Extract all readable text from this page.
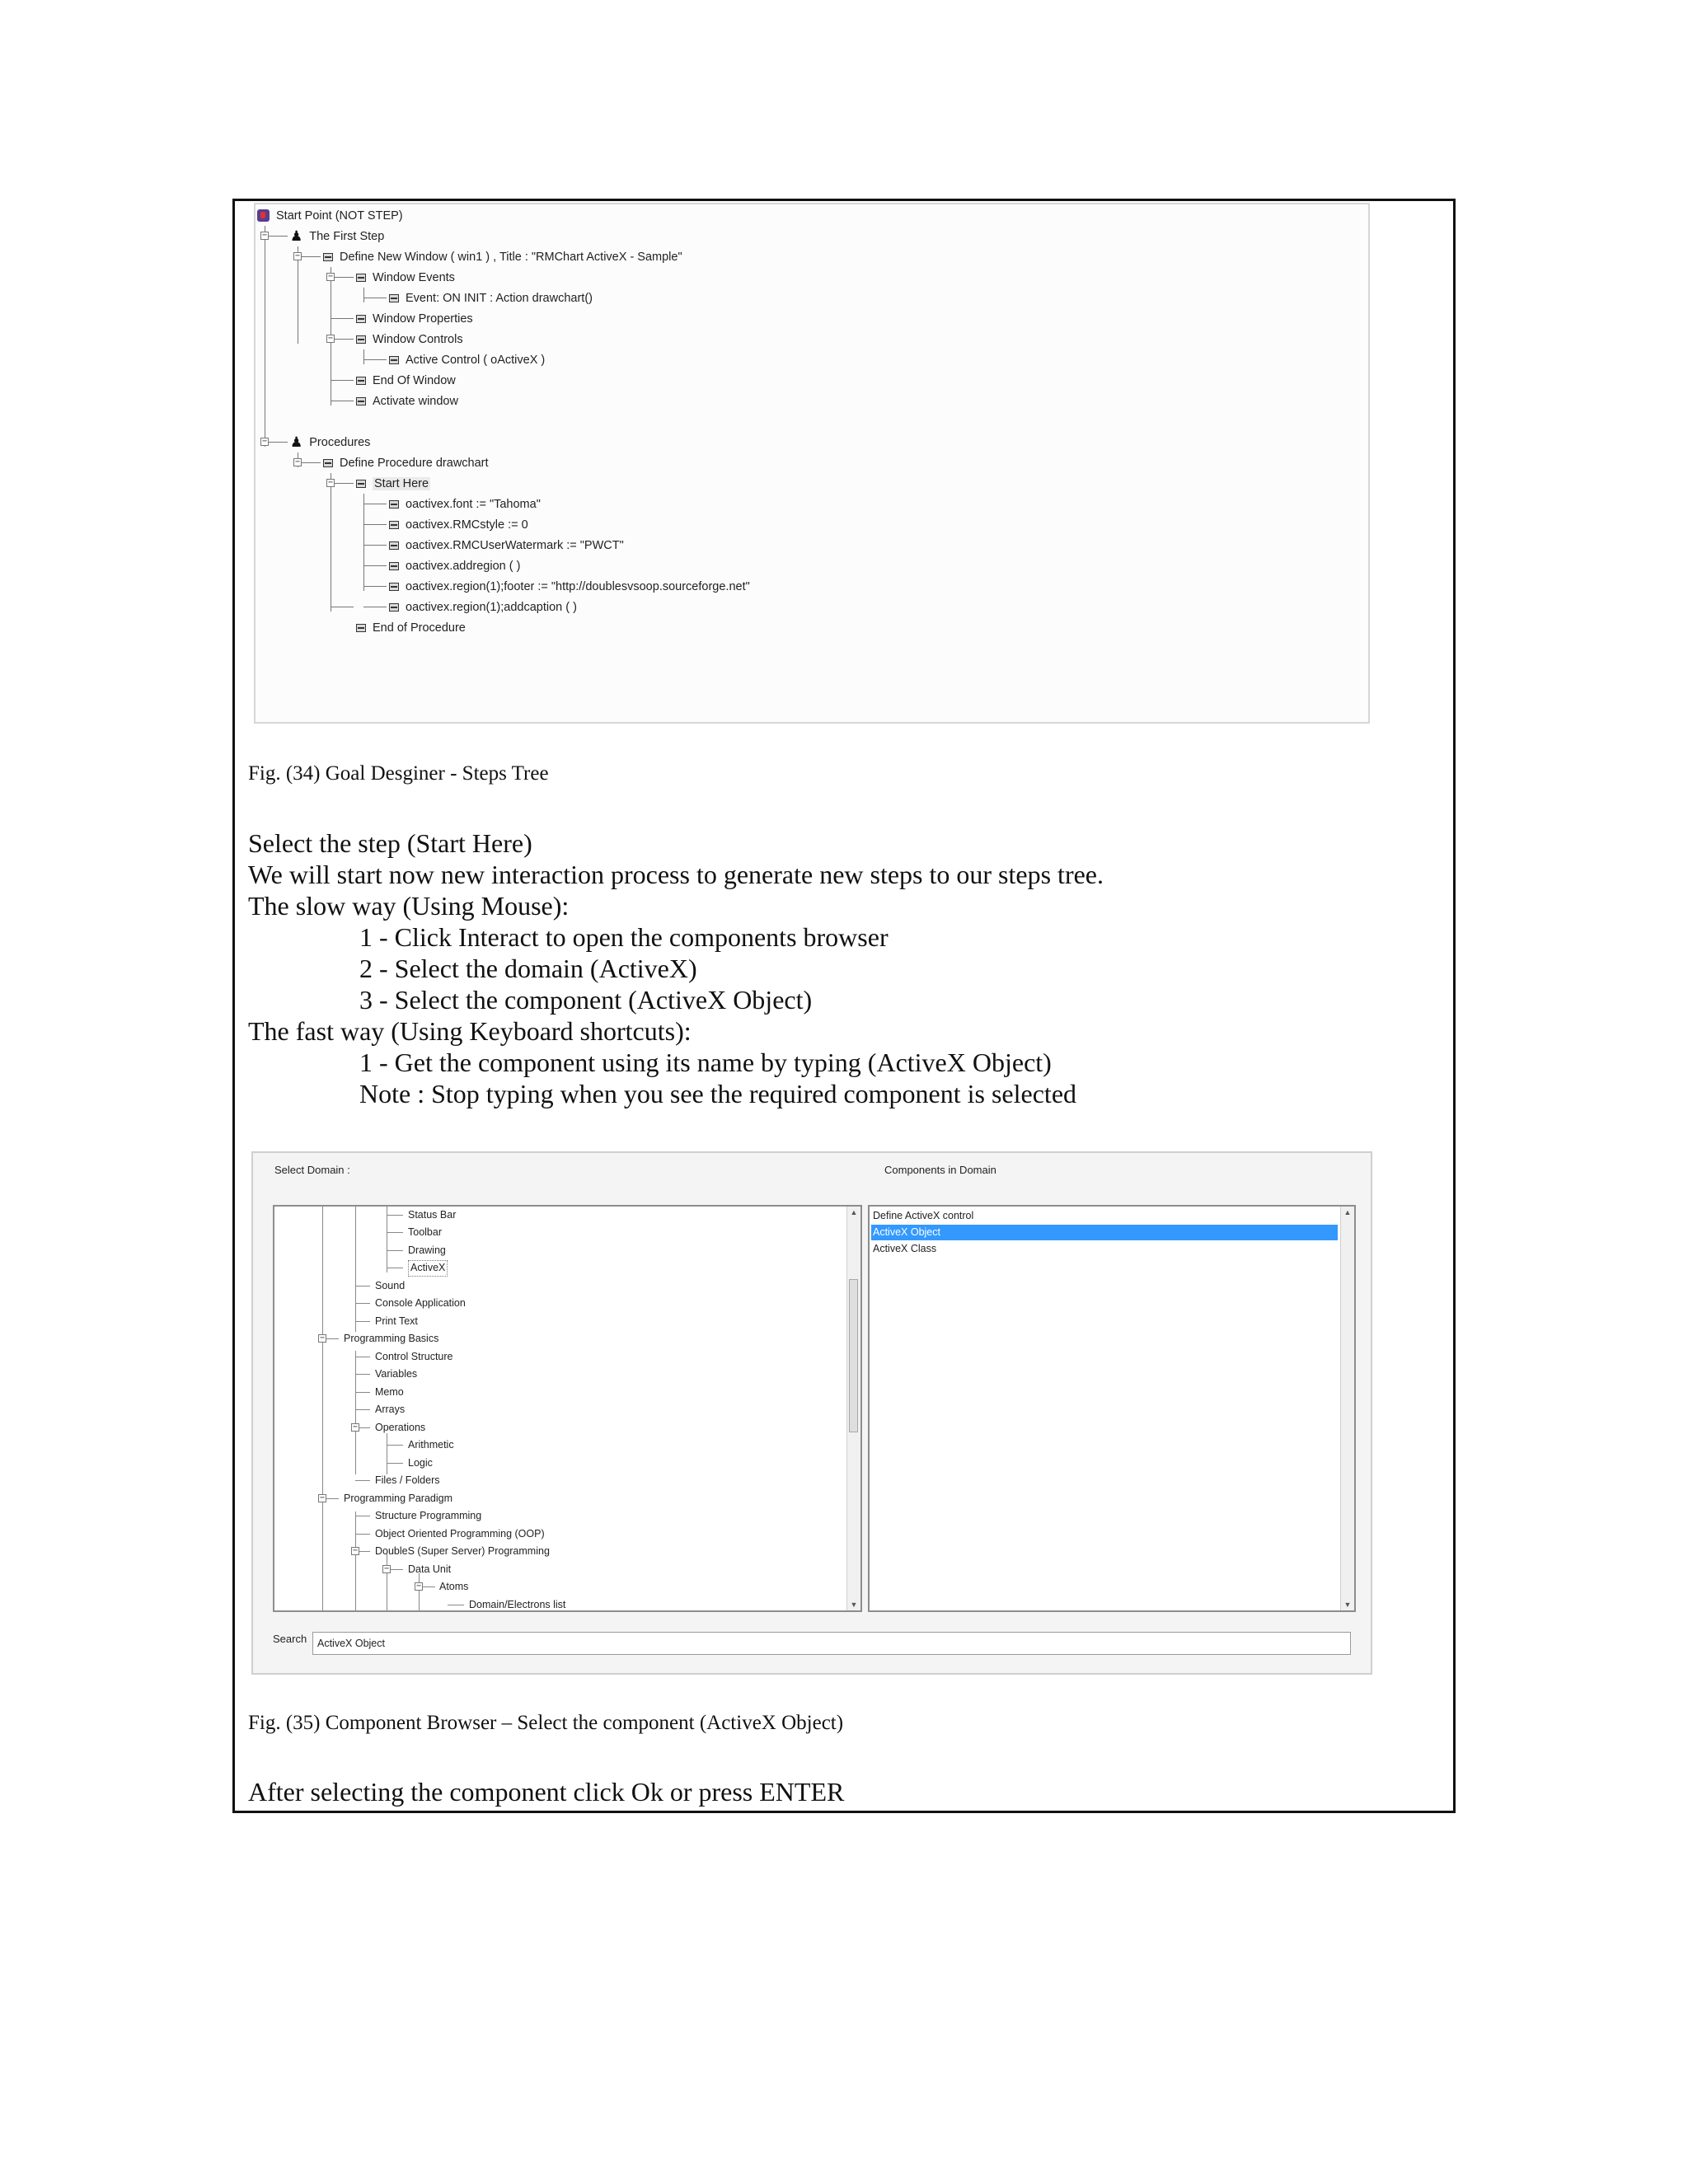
−
−
−
−
−
−
−
Start Point (NOT STEP)
♟ The First Step
Define New Window ( win1 ) , Title : "RMChart ActiveX - Sample"
Window Events
Event: ON INIT : Action drawchart()
Window Properties
Window Controls
Active Control ( oActiveX )
End Of Window
Activate window
♟ Procedures
Define Procedure drawchart
Start Here
oactivex.font := "Tahoma"
oactivex.RMCstyle := 0
oactivex.RMCUserWatermark := "PWCT"
oactivex.addregion ( )
oactivex.region(1);footer := "http://doublesvsoop.sourceforge.net"
oactivex.region(1);addcaption ( )
End of Procedure
Fig. (34) Goal Desginer - Steps Tree
Select the step (Start Here)
We will start now new interaction process to generate new steps to our steps tree.
The slow way (Using Mouse):
1 - Click Interact to open the components browser
2 - Select the domain (ActiveX)
3 - Select the component (ActiveX Object)
The fast way (Using Keyboard shortcuts):
1 - Get the component using its name by typing (ActiveX Object)
Note : Stop typing when you see the required component is selected
Select Domain :	Components in Domain
−
−
−
−
−
−
Status Bar
Toolbar
Drawing
ActiveX
Sound
Console Application
Print Text
Programming Basics
Control Structure
Variables
Memo
Arrays
Operations
Arithmetic
Logic
Files / Folders
Programming Paradigm
Structure Programming
Object Oriented Programming (OOP)
DoubleS (Super Server) Programming
Data Unit
Atoms
Domain/Electrons list
▲
▼
Define ActiveX control
ActiveX Object
ActiveX Class
▲
▼
Search	ActiveX Object
Fig. (35) Component Browser – Select the component (ActiveX Object)
After selecting the component click Ok or press ENTER
